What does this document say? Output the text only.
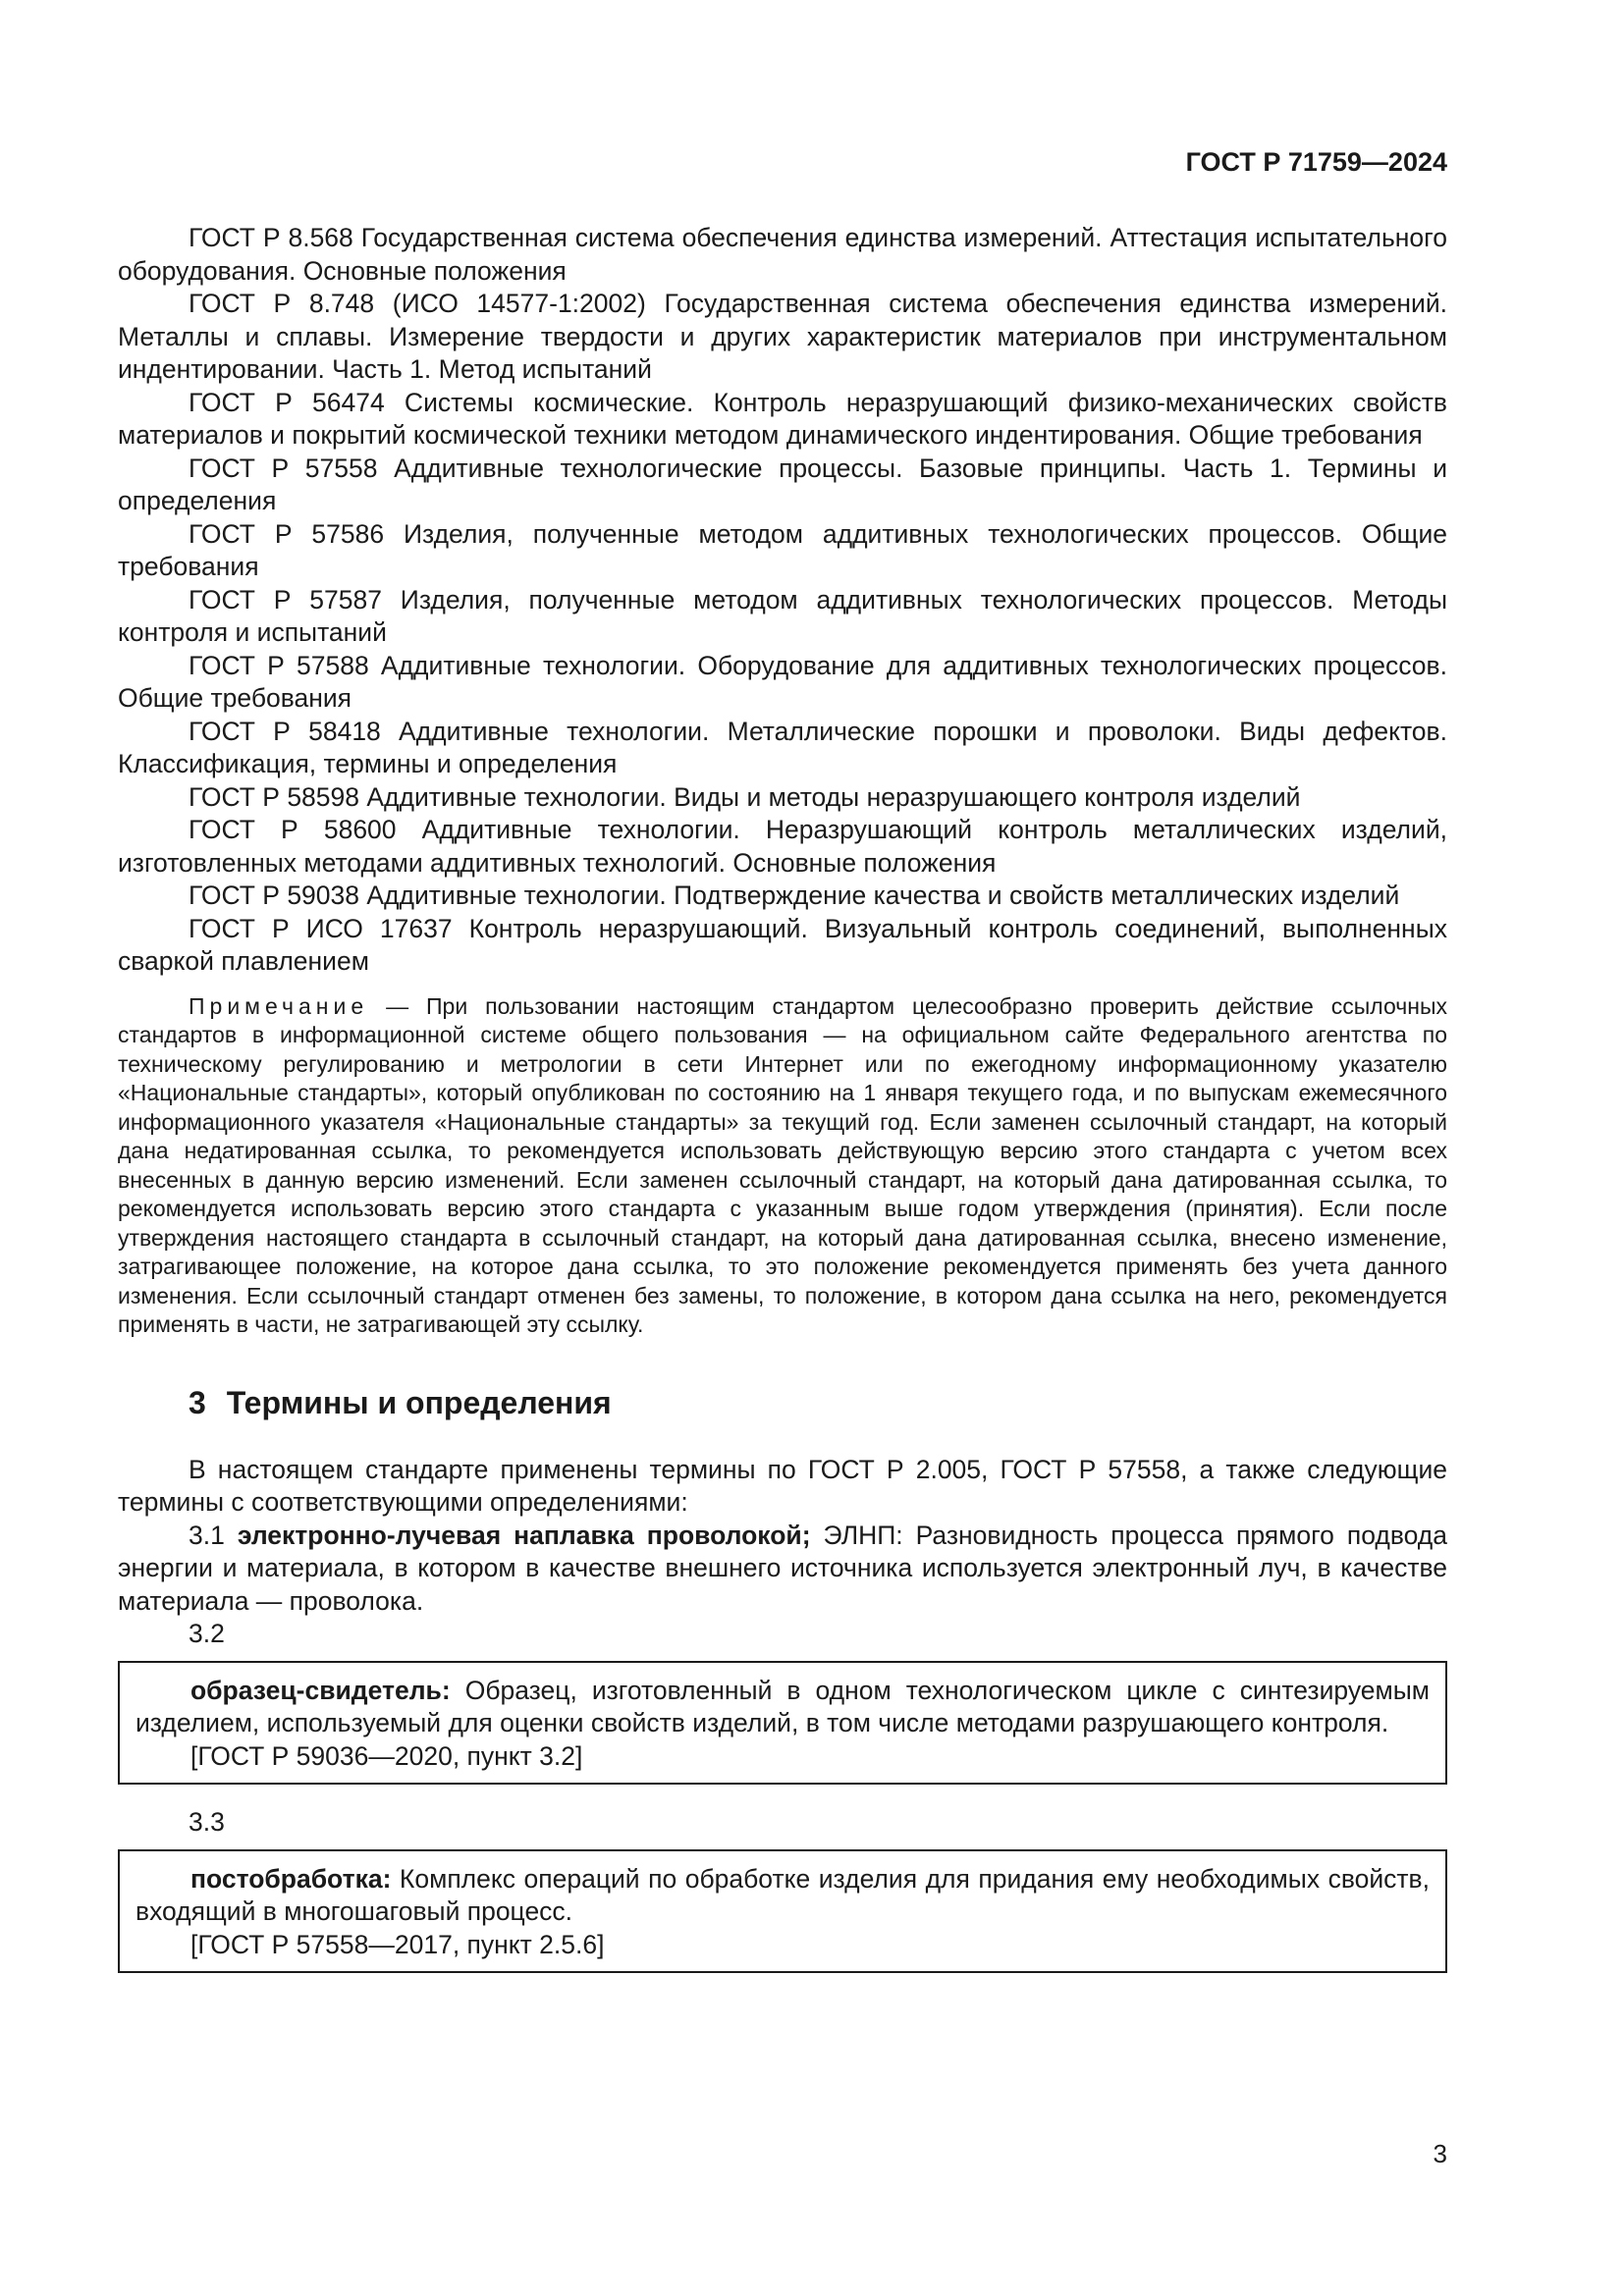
ГОСТ Р 71759—2024

ГОСТ Р 8.568 Государственная система обеспечения единства измерений. Аттестация испытательного оборудования. Основные положения

ГОСТ Р 8.748 (ИСО 14577-1:2002) Государственная система обеспечения единства измерений. Металлы и сплавы. Измерение твердости и других характеристик материалов при инструментальном индентировании. Часть 1. Метод испытаний

ГОСТ Р 56474 Системы космические. Контроль неразрушающий физико-механических свойств материалов и покрытий космической техники методом динамического индентирования. Общие требования

ГОСТ Р 57558 Аддитивные технологические процессы. Базовые принципы. Часть 1. Термины и определения

ГОСТ Р 57586 Изделия, полученные методом аддитивных технологических процессов. Общие требования

ГОСТ Р 57587 Изделия, полученные методом аддитивных технологических процессов. Методы контроля и испытаний

ГОСТ Р 57588 Аддитивные технологии. Оборудование для аддитивных технологических процессов. Общие требования

ГОСТ Р 58418 Аддитивные технологии. Металлические порошки и проволоки. Виды дефектов. Классификация, термины и определения

ГОСТ Р 58598 Аддитивные технологии. Виды и методы неразрушающего контроля изделий

ГОСТ Р 58600 Аддитивные технологии. Неразрушающий контроль металлических изделий, изготовленных методами аддитивных технологий. Основные положения

ГОСТ Р 59038 Аддитивные технологии. Подтверждение качества и свойств металлических изделий

ГОСТ Р ИСО 17637 Контроль неразрушающий. Визуальный контроль соединений, выполненных сваркой плавлением

Примечание — При пользовании настоящим стандартом целесообразно проверить действие ссылочных стандартов в информационной системе общего пользования — на официальном сайте Федерального агентства по техническому регулированию и метрологии в сети Интернет или по ежегодному информационному указателю «Национальные стандарты», который опубликован по состоянию на 1 января текущего года, и по выпускам ежемесячного информационного указателя «Национальные стандарты» за текущий год. Если заменен ссылочный стандарт, на который дана недатированная ссылка, то рекомендуется использовать действующую версию этого стандарта с учетом всех внесенных в данную версию изменений. Если заменен ссылочный стандарт, на который дана датированная ссылка, то рекомендуется использовать версию этого стандарта с указанным выше годом утверждения (принятия). Если после утверждения настоящего стандарта в ссылочный стандарт, на который дана датированная ссылка, внесено изменение, затрагивающее положение, на которое дана ссылка, то это положение рекомендуется применять без учета данного изменения. Если ссылочный стандарт отменен без замены, то положение, в котором дана ссылка на него, рекомендуется применять в части, не затрагивающей эту ссылку.

3 Термины и определения

В настоящем стандарте применены термины по ГОСТ Р 2.005, ГОСТ Р 57558, а также следующие термины с соответствующими определениями:

3.1 электронно-лучевая наплавка проволокой; ЭЛНП: Разновидность процесса прямого подвода энергии и материала, в котором в качестве внешнего источника используется электронный луч, в качестве материала — проволока.

3.2

образец-свидетель: Образец, изготовленный в одном технологическом цикле с синтезируемым изделием, используемый для оценки свойств изделий, в том числе методами разрушающего контроля.

[ГОСТ Р 59036—2020, пункт 3.2]

3.3

постобработка: Комплекс операций по обработке изделия для придания ему необходимых свойств, входящий в многошаговый процесс.

[ГОСТ Р 57558—2017, пункт 2.5.6]

3
